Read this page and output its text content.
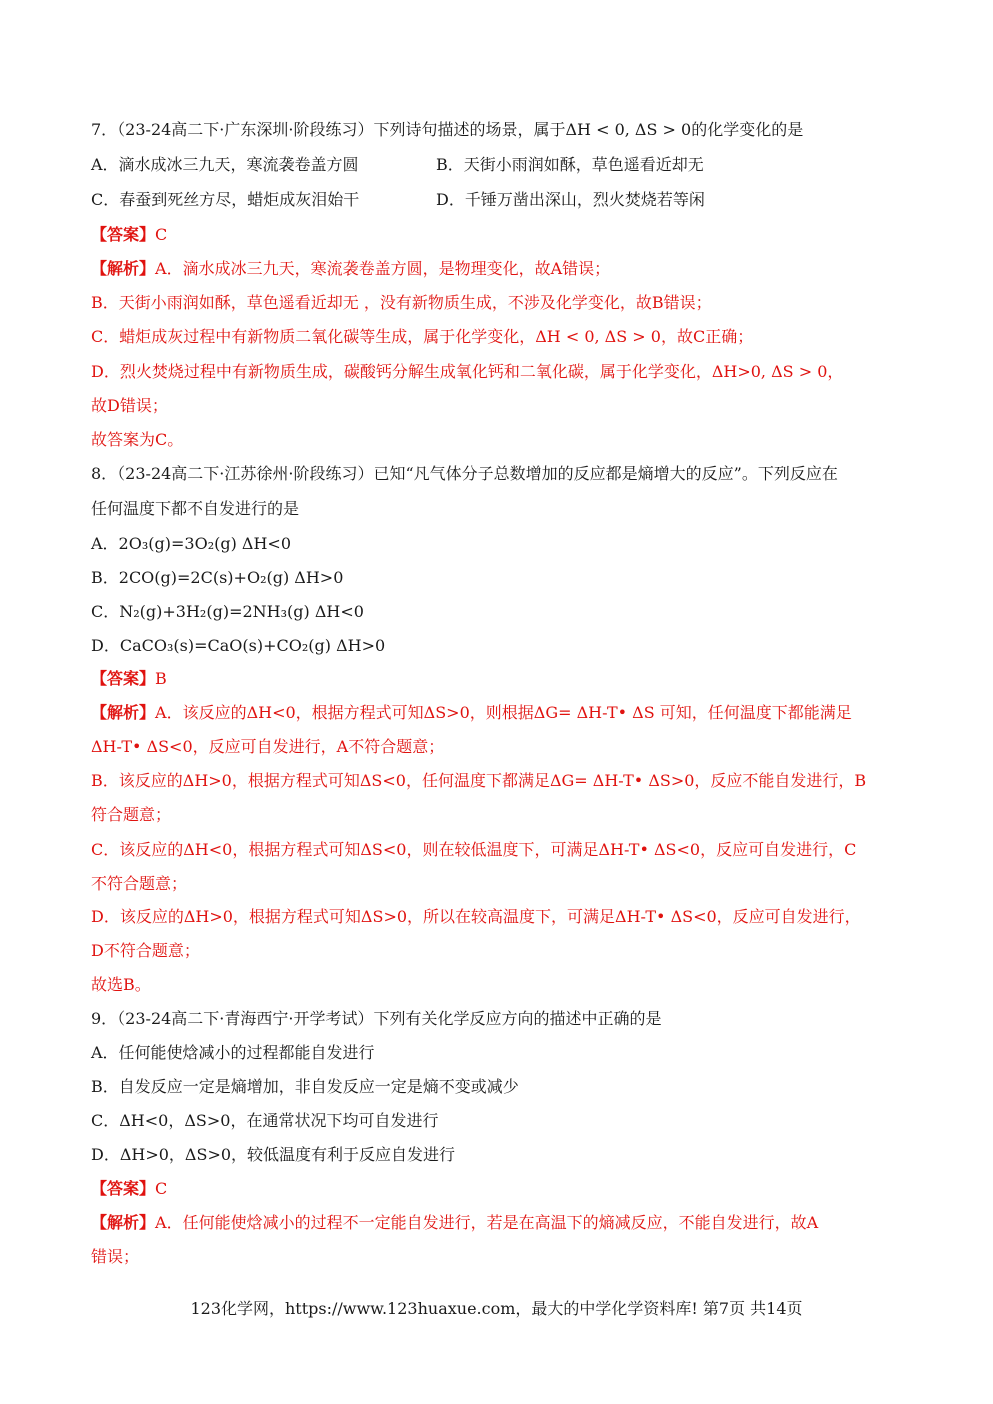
7．（23-24高二下·广东深圳·阶段练习）下列诗句描述的场景，属于ΔH < 0, ΔS > 0的化学变化的是
A．滴水成冰三九天，寒流袭卷盖方圆	B．天街小雨润如酥，草色遥看近却无
C．春蚕到死丝方尽，蜡炬成灰泪始干	D．千锤万凿出深山，烈火焚烧若等闲
【答案】C
【解析】A．滴水成冰三九天，寒流袭卷盖方圆，是物理变化，故A错误；
B．天街小雨润如酥，草色遥看近却无 ，没有新物质生成，不涉及化学变化，故B错误；
C．蜡炬成灰过程中有新物质二氧化碳等生成，属于化学变化，ΔH < 0, ΔS > 0，故C正确；
D．烈火焚烧过程中有新物质生成，碳酸钙分解生成氧化钙和二氧化碳，属于化学变化，ΔH>0, ΔS > 0，
故D错误；
故答案为C。
8．（23-24高二下·江苏徐州·阶段练习）已知“凡气体分子总数增加的反应都是熵增大的反应”。下列反应在
任何温度下都不自发进行的是
A．2O₃(g)=3O₂(g) ΔH<0
B．2CO(g)=2C(s)+O₂(g) ΔH>0
C．N₂(g)+3H₂(g)=2NH₃(g) ΔH<0
D．CaCO₃(s)=CaO(s)+CO₂(g) ΔH>0
【答案】B
【解析】A．该反应的ΔH<0，根据方程式可知ΔS>0，则根据ΔG= ΔH-T• ΔS 可知，任何温度下都能满足
ΔH-T• ΔS<0，反应可自发进行，A不符合题意；
B．该反应的ΔH>0，根据方程式可知ΔS<0，任何温度下都满足ΔG= ΔH-T• ΔS>0，反应不能自发进行，B
符合题意；
C．该反应的ΔH<0，根据方程式可知ΔS<0，则在较低温度下，可满足ΔH-T• ΔS<0，反应可自发进行，C
不符合题意；
D．该反应的ΔH>0，根据方程式可知ΔS>0，所以在较高温度下，可满足ΔH-T• ΔS<0，反应可自发进行，
D不符合题意；
故选B。
9．（23-24高二下·青海西宁·开学考试）下列有关化学反应方向的描述中正确的是
A．任何能使焓减小的过程都能自发进行
B．自发反应一定是熵增加，非自发反应一定是熵不变或减少
C．ΔH<0，ΔS>0，在通常状况下均可自发进行
D．ΔH>0，ΔS>0，较低温度有利于反应自发进行
【答案】C
【解析】A．任何能使焓减小的过程不一定能自发进行，若是在高温下的熵减反应，不能自发进行，故A
错误；
123化学网，https://www.123huaxue.com，最大的中学化学资料库! 第7页 共14页
